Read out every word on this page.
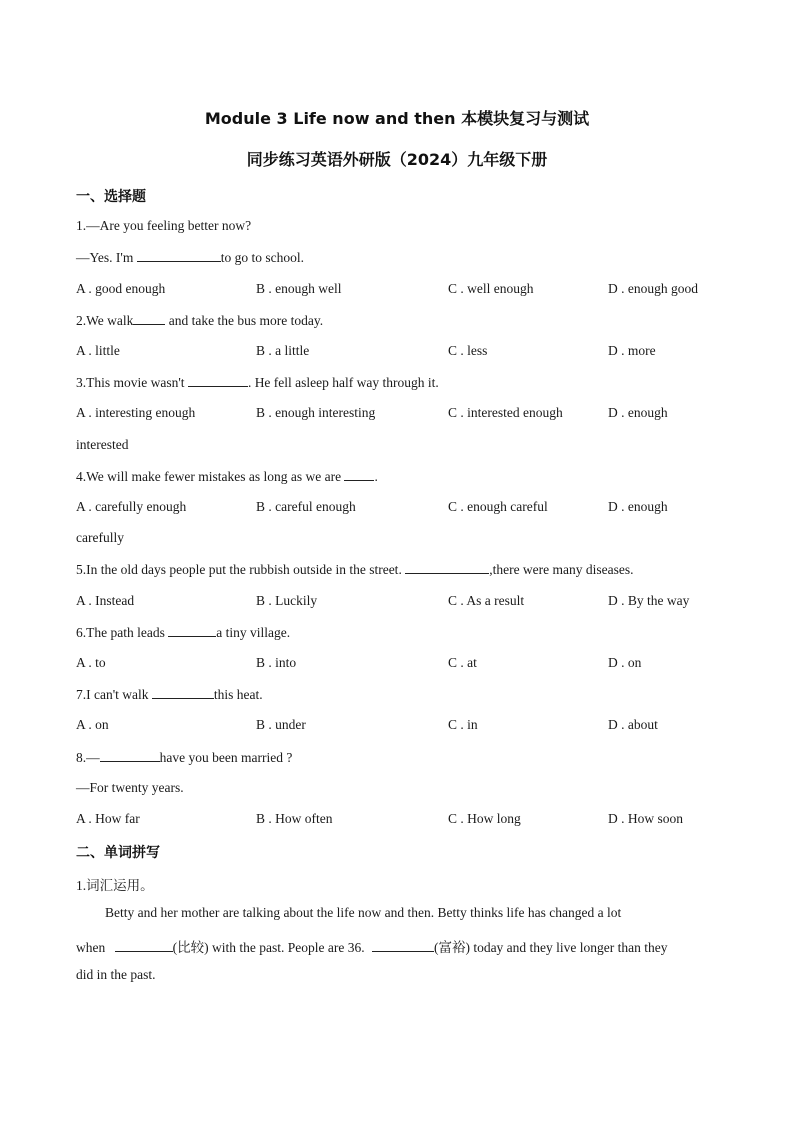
Module 3 Life now and then 本模块复习与测试
同步练习英语外研版（2024）九年级下册
一、选择题
1.—Are you feeling better now?
—Yes. I'm	to go to school.
A . good enough	B . enough well	C . well enough	D . enough good
2.We walk and take the bus more today.
A . little	B . a little	C . less	D . more
3.This movie wasn't	. He fell asleep half way through it.
A . interesting enough	B . enough interesting	C . interested enough	D . enough
interested
4.We will make fewer mistakes as long as we are .
A . carefully enough	B . careful enough	C . enough careful	D . enough
carefully
5.In the old days people put the rubbish outside in the street.	,there were many diseases.
A . Instead	B . Luckily	C . As a result	D . By the way
6.The path leads	a tiny village.
A . to	B . into	C . at	D . on
7.I can't walk	this heat.
A . on	B . under	C . in	D . about
8.—	have you been married ?
—For twenty years.
A . How far	B . How often	C . How long	D . How soon
二、单词拼写
1.词汇运用。
Betty and her mother are talking about the life now and then. Betty thinks life has changed a lot
when	(比较) with the past. People are 36.	(富裕) today and they live longer than they
did in the past.
